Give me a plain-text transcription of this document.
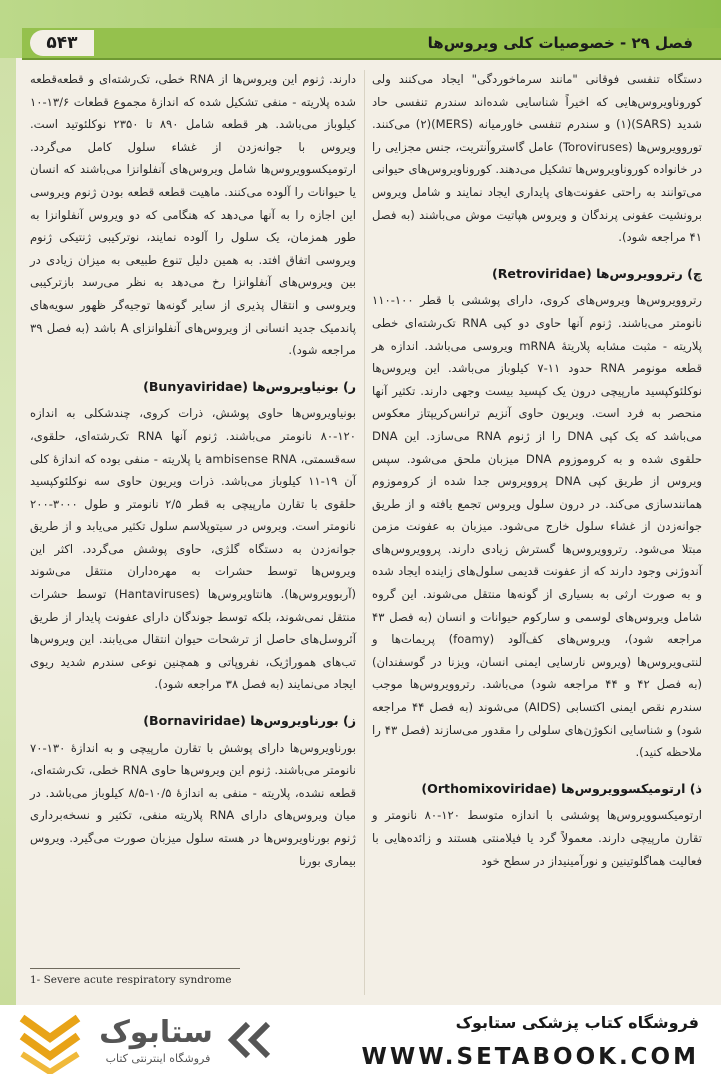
۵۴۳	فصل ۲۹ - خصوصیات کلی ویروس‌ها

دستگاه تنفسی فوقانی "مانند سرماخوردگی" ایجاد می‌کنند ولی کوروناویروس‌هایی که اخیراً شناسایی شده‌اند سندرم تنفسی حاد شدید (SARS)(۱) و سندرم تنفسی خاورمیانه (MERS)(۲) می‌کنند. توروویروس‌ها (Toroviruses) عامل گاستروآنتریت، جنس مجزایی را در خانواده کوروناویروس‌ها تشکیل می‌دهند. کوروناویروس‌های حیوانی می‌توانند به راحتی عفونت‌های پایداری ایجاد نمایند و شامل ویروس برونشیت عفونی پرندگان و ویروس هپاتیت موش می‌باشند (به فصل ۴۱ مراجعه شود).

چ) رتروویروس‌ها (Retroviridae)

رتروویروس‌ها ویروس‌های کروی، دارای پوششی با قطر ۱۰۰-۱۱۰ نانومتر می‌باشند. ژنوم آنها حاوی دو کپی RNA تک‌رشته‌ای خطی پلاریته - مثبت مشابه پلاریتهٔ mRNA ویروسی می‌باشد. اندازه هر قطعه مونومر RNA حدود ۱۱-۷ کیلوباز می‌باشد. این ویروس‌ها نوکلئوکپسید مارپیچی درون یک کپسید بیست وجهی دارند. تکثیر آنها منحصر به فرد است. ویریون حاوی آنزیم ترانس‌کریپتاز معکوس می‌باشد که یک کپی DNA را از ژنوم RNA می‌سازد. این DNA حلقوی شده و به کروموزوم DNA میزبان ملحق می‌شود. سپس ویروس از طریق کپی DNA پروویروس جدا شده از کروموزوم همانندسازی می‌کند. در درون سلول ویروس تجمع یافته و از طریق جوانه‌زدن از غشاء سلول خارج می‌شود. میزبان به عفونت مزمن مبتلا می‌شود. رتروویروس‌ها گسترش زیادی دارند. پروویروس‌های آندوژنی وجود دارند که از عفونت قدیمی سلول‌های زاینده ایجاد شده و به صورت ارثی به بسیاری از گونه‌ها منتقل می‌شوند. این گروه شامل ویروس‌های لوسمی و سارکوم حیوانات و انسان (به فصل ۴۳ مراجعه شود)، ویروس‌های کف‌آلود (foamy) پریمات‌ها و لنتی‌ویروس‌ها (ویروس نارسایی ایمنی انسان، ویزنا در گوسفندان) (به فصل ۴۲ و ۴۴ مراجعه شود) می‌باشد. رتروویروس‌ها موجب سندرم نقص ایمنی اکتسابی (AIDS) می‌شوند (به فصل ۴۴ مراجعه شود) و شناسایی انکوژن‌های سلولی را مقدور می‌سازند (فصل ۴۳ را ملاحظه کنید).

ذ) ارتومیکسوویروس‌ها (Orthomixoviridae)

ارتومیکسوویروس‌ها پوششی با اندازه متوسط ۱۲۰-۸۰ نانومتر و تقارن مارپیچی دارند. معمولاً گرد یا فیلامنتی هستند و زائده‌هایی با فعالیت هماگلوتینین و نورآمینیداز در سطح خود

دارند. ژنوم این ویروس‌ها از RNA خطی، تک‌رشته‌ای و قطعه‌قطعه شده پلاریته - منفی تشکیل شده که اندازهٔ مجموع قطعات ۱۳/۶-۱۰ کیلوباز می‌باشد. هر قطعه شامل ۸۹۰ تا ۲۳۵۰ نوکلئوتید است. ویروس با جوانه‌زدن از غشاء سلول کامل می‌گردد. ارتومیکسوویروس‌ها شامل ویروس‌های آنفلوانزا می‌باشند که انسان یا حیوانات را آلوده می‌کنند. ماهیت قطعه قطعه بودن ژنوم ویروسی این اجازه را به آنها می‌دهد که هنگامی که دو ویروس آنفلوانزا به طور همزمان، یک سلول را آلوده نمایند، نوترکیبی ژنتیکی ژنوم ویروسی اتفاق افتد. به همین دلیل تنوع طبیعی به میزان زیادی در بین ویروس‌های آنفلوانزا رخ می‌دهد به نظر می‌رسد بازترکیبی ویروسی و انتقال پذیری از سایر گونه‌ها توجیه‌گر ظهور سویه‌های پاندمیک جدید انسانی از ویروس‌های آنفلوانزای A باشد (به فصل ۳۹ مراجعه شود).

ر) بونیاویروس‌ها (Bunyaviridae)

بونیاویروس‌ها حاوی پوشش، ذرات کروی، چندشکلی به اندازه ۱۲۰-۸۰ نانومتر می‌باشند. ژنوم آنها RNA تک‌رشته‌ای، حلقوی، سه‌قسمتی، ambisense RNA یا پلاریته - منفی بوده که اندازهٔ کلی آن ۱۹-۱۱ کیلوباز می‌باشد. ذرات ویریون حاوی سه نوکلئوکپسید حلقوی با تقارن مارپیچی به قطر ۲/۵ نانومتر و طول ۳۰۰۰-۲۰۰ نانومتر است. ویروس در سیتوپلاسم سلول تکثیر می‌یابد و از طریق جوانه‌زدن به دستگاه گلژی، حاوی پوشش می‌گردد. اکثر این ویروس‌ها توسط حشرات به مهره‌داران منتقل می‌شوند (آربوویروس‌ها). هانتاویروس‌ها (Hantaviruses) توسط حشرات منتقل نمی‌شوند، بلکه توسط جوندگان دارای عفونت پایدار از طریق آئروسل‌های حاصل از ترشحات حیوان انتقال می‌یابند. این ویروس‌ها تب‌های هموراژیک، نفروپاتی و همچنین نوعی سندرم شدید ریوی ایجاد می‌نمایند (به فصل ۳۸ مراجعه شود).

ز) بورناویروس‌ها (Bornaviridae)

بورناویروس‌ها دارای پوشش با تقارن مارپیچی و به اندازهٔ ۱۳۰-۷۰ نانومتر می‌باشند. ژنوم این ویروس‌ها حاوی RNA خطی، تک‌رشته‌ای، قطعه نشده، پلاریته - منفی به اندازهٔ ۱۰/۵-۸/۵ کیلوباز می‌باشد. در میان ویروس‌های دارای RNA پلاریته منفی، تکثیر و نسخه‌برداری ژنوم بورناویروس‌ها در هسته سلول میزبان صورت می‌گیرد. ویروس بیماری بورنا

1- Severe acute respiratory syndrome
ستابوک
فروشگاه اینترنتی کتاب
فروشگاه کتاب پزشکی ستابوک
WWW.SETABOOK.COM
